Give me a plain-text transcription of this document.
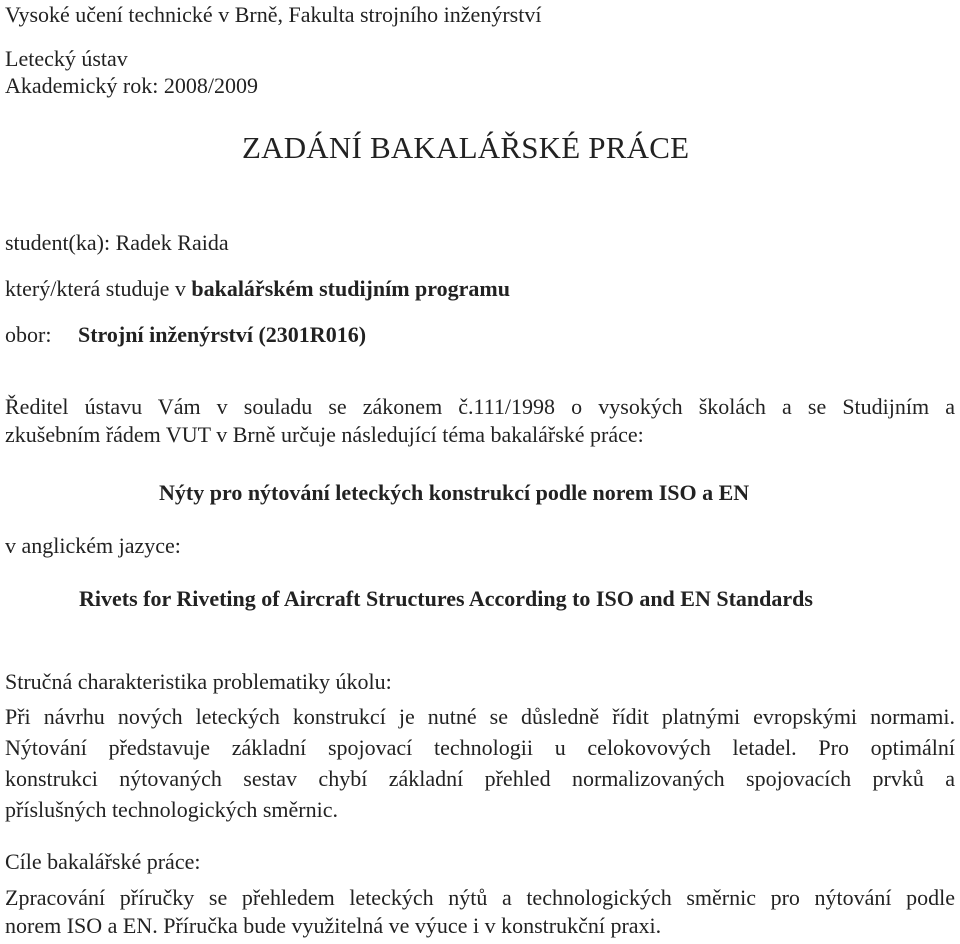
Vysoké učení technické v Brně, Fakulta strojního inženýrství
Letecký ústav
Akademický rok: 2008/2009
ZADÁNÍ BAKALÁŘSKÉ PRÁCE
student(ka): Radek Raida
který/která studuje v bakalářském studijním programu
obor: Strojní inženýrství (2301R016)
Ředitel ústavu Vám v souladu se zákonem č.111/1998 o vysokých školách a se Studijním a
zkušebním řádem VUT v Brně určuje následující téma bakalářské práce:
Nýty pro nýtování leteckých konstrukcí podle norem ISO a EN
v anglickém jazyce:
Rivets for Riveting of Aircraft Structures According to ISO and EN Standards
Stručná charakteristika problematiky úkolu:
Při návrhu nových leteckých konstrukcí je nutné se důsledně řídit platnými evropskými normami.
Nýtování představuje základní spojovací technologii u celokovových letadel. Pro optimální
konstrukci nýtovaných sestav chybí základní přehled normalizovaných spojovacích prvků a
příslušných technologických směrnic.
Cíle bakalářské práce:
Zpracování příručky se přehledem leteckých nýtů a technologických směrnic pro nýtování podle
norem ISO a EN. Příručka bude využitelná ve výuce i v konstrukční praxi.
